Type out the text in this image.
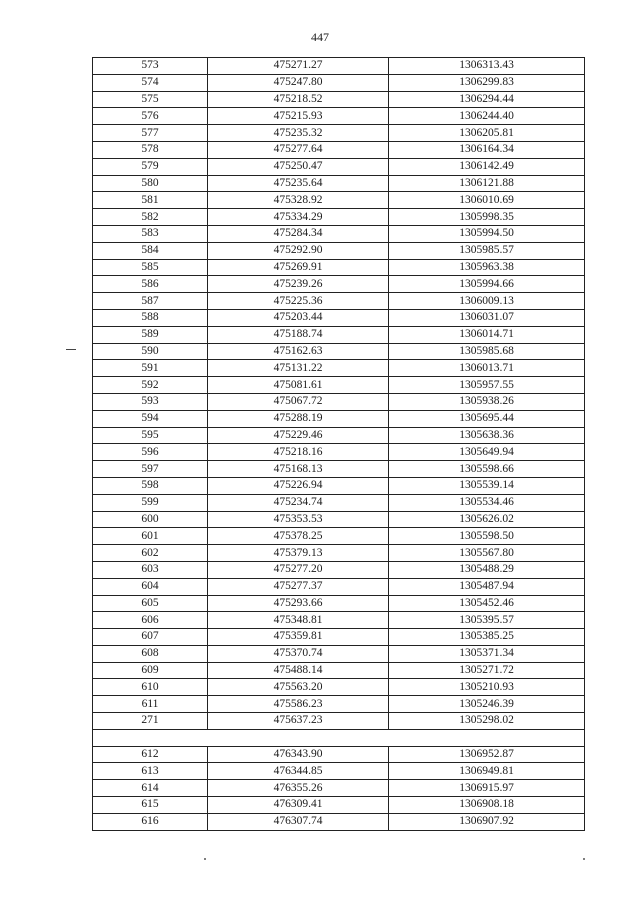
447
573	475271.27	1306313.43
574	475247.80	1306299.83
575	475218.52	1306294.44
576	475215.93	1306244.40
577	475235.32	1306205.81
578	475277.64	1306164.34
579	475250.47	1306142.49
580	475235.64	1306121.88
581	475328.92	1306010.69
582	475334.29	1305998.35
583	475284.34	1305994.50
584	475292.90	1305985.57
585	475269.91	1305963.38
586	475239.26	1305994.66
587	475225.36	1306009.13
588	475203.44	1306031.07
589	475188.74	1306014.71
590	475162.63	1305985.68
591	475131.22	1306013.71
592	475081.61	1305957.55
593	475067.72	1305938.26
594	475288.19	1305695.44
595	475229.46	1305638.36
596	475218.16	1305649.94
597	475168.13	1305598.66
598	475226.94	1305539.14
599	475234.74	1305534.46
600	475353.53	1305626.02
601	475378.25	1305598.50
602	475379.13	1305567.80
603	475277.20	1305488.29
604	475277.37	1305487.94
605	475293.66	1305452.46
606	475348.81	1305395.57
607	475359.81	1305385.25
608	475370.74	1305371.34
609	475488.14	1305271.72
610	475563.20	1305210.93
611	475586.23	1305246.39
271	475637.23	1305298.02

612	476343.90	1306952.87
613	476344.85	1306949.81
614	476355.26	1306915.97
615	476309.41	1306908.18
616	476307.74	1306907.92
